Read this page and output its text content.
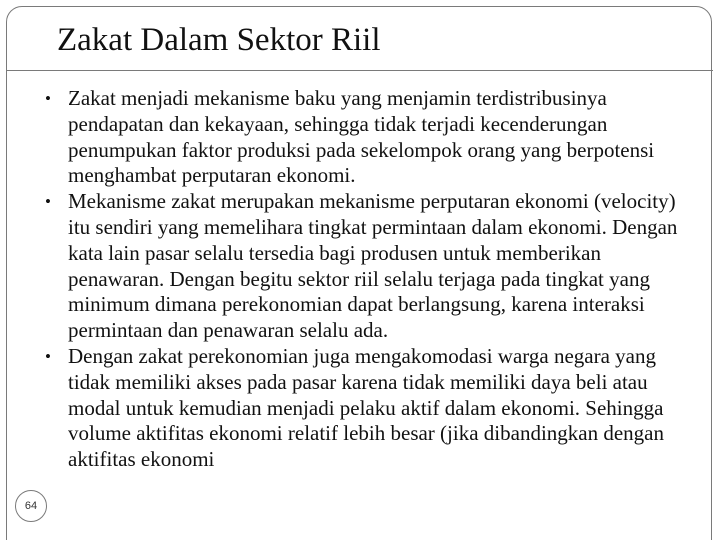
Zakat Dalam Sektor Riil
• Zakat menjadi mekanisme baku yang menjamin terdistribusinya pendapatan dan kekayaan, sehingga tidak terjadi kecenderungan penumpukan faktor produksi pada sekelompok orang yang berpotensi menghambat perputaran ekonomi.
• Mekanisme zakat merupakan mekanisme perputaran ekonomi (velocity) itu sendiri yang memelihara tingkat permintaan dalam ekonomi. Dengan kata lain pasar selalu tersedia bagi produsen untuk memberikan penawaran. Dengan begitu sektor riil selalu terjaga pada tingkat yang minimum dimana perekonomian dapat berlangsung, karena interaksi permintaan dan penawaran selalu ada.
• Dengan zakat perekonomian juga mengakomodasi warga negara yang tidak memiliki akses pada pasar karena tidak memiliki daya beli atau modal untuk kemudian menjadi pelaku aktif dalam ekonomi. Sehingga volume aktifitas ekonomi relatif lebih besar (jika dibandingkan dengan aktifitas ekonomi
64
